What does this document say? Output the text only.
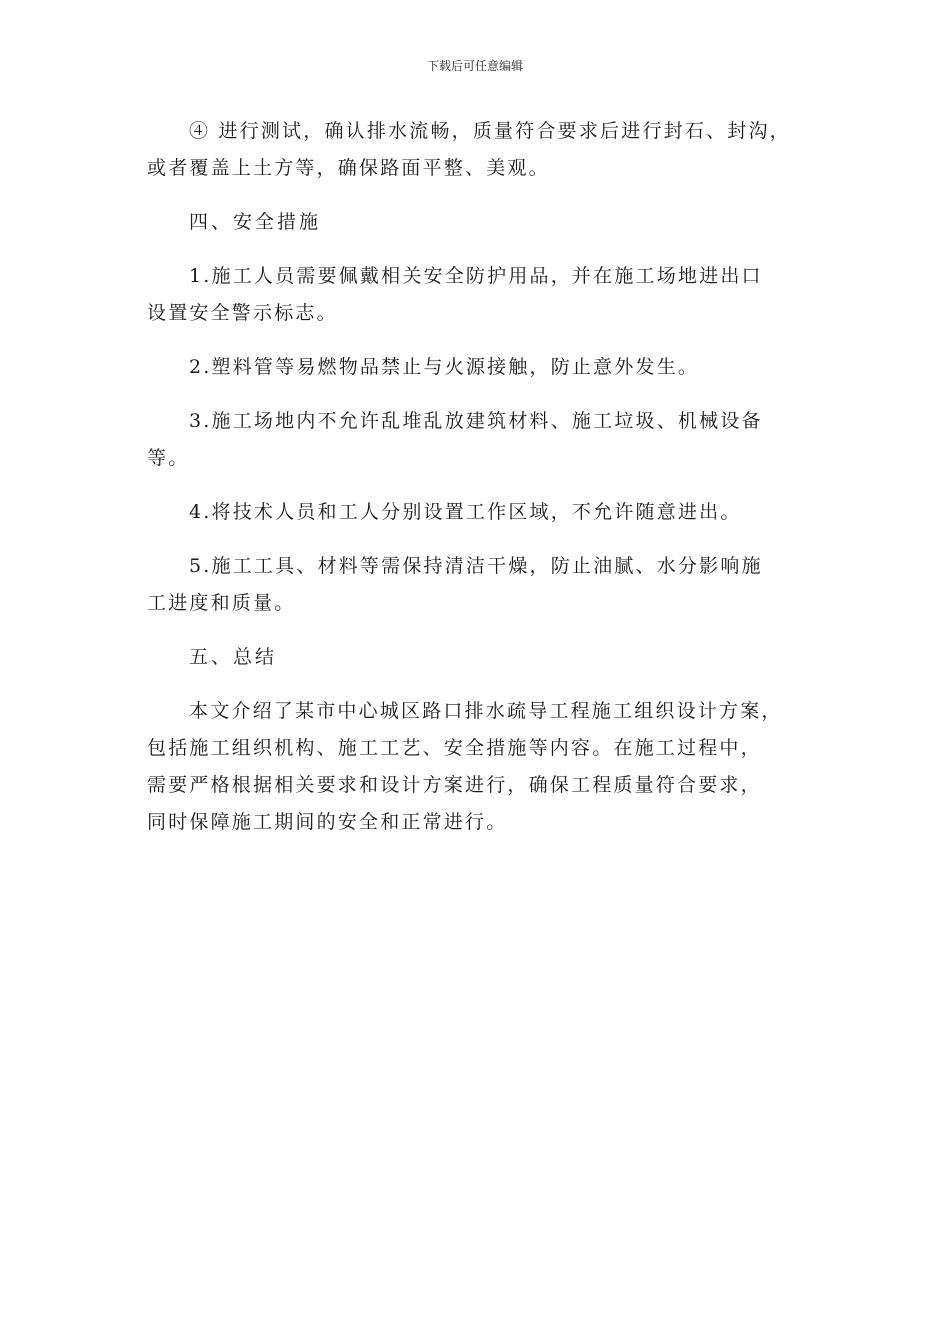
下载后可任意编辑

④ 进行测试，确认排水流畅，质量符合要求后进行封石、封沟，
或者覆盖上土方等，确保路面平整、美观。

四、安全措施

1.施工人员需要佩戴相关安全防护用品，并在施工场地进出口
设置安全警示标志。

2.塑料管等易燃物品禁止与火源接触，防止意外发生。

3.施工场地内不允许乱堆乱放建筑材料、施工垃圾、机械设备
等。

4.将技术人员和工人分别设置工作区域，不允许随意进出。

5.施工工具、材料等需保持清洁干燥，防止油腻、水分影响施
工进度和质量。

五、总结

本文介绍了某市中心城区路口排水疏导工程施工组织设计方案，
包括施工组织机构、施工工艺、安全措施等内容。在施工过程中，
需要严格根据相关要求和设计方案进行，确保工程质量符合要求，
同时保障施工期间的安全和正常进行。
